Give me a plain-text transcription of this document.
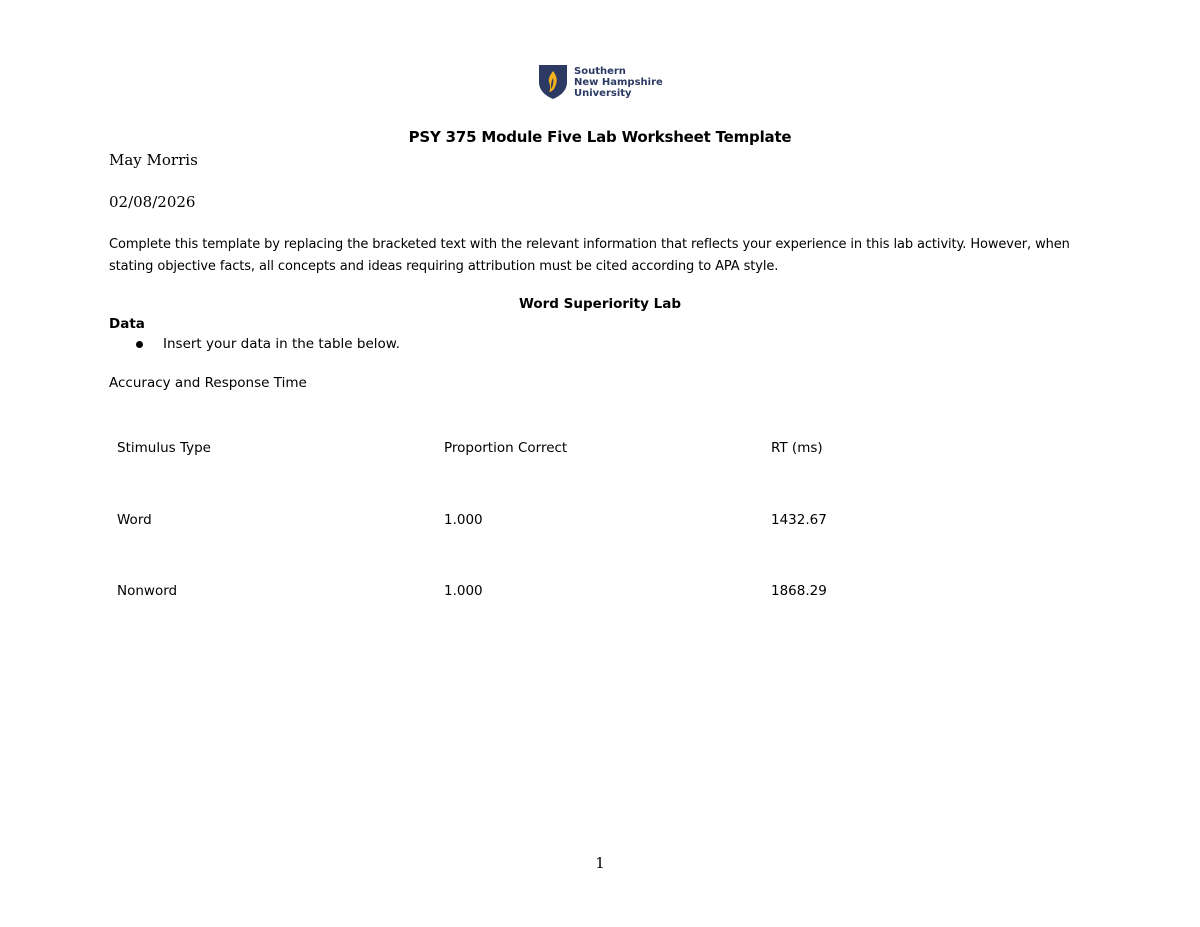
Southern
New Hampshire
University
PSY 375 Module Five Lab Worksheet Template
May Morris
02/08/2026
Complete this template by replacing the bracketed text with the relevant information that reflects your experience in this lab activity. However, when stating objective facts, all concepts and ideas requiring attribution must be cited according to APA style.
Word Superiority Lab
Data
Insert your data in the table below.
Accuracy and Response Time
Stimulus Type	Proportion Correct	RT (ms)
Word	1.000	1432.67
Nonword	1.000	1868.29
1
